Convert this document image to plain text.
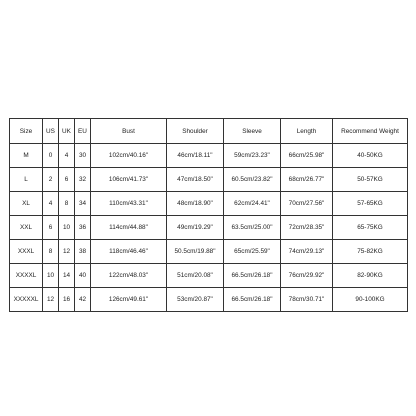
Size	US	UK	EU	Bust	Shoulder	Sleeve	Length	Recommend Weight
M	0	4	30	102cm/40.16"	46cm/18.11"	59cm/23.23"	66cm/25.98"	40-50KG
L	2	6	32	106cm/41.73"	47cm/18.50"	60.5cm/23.82"	68cm/26.77"	50-57KG
XL	4	8	34	110cm/43.31"	48cm/18.90"	62cm/24.41"	70cm/27.56"	57-65KG
XXL	6	10	36	114cm/44.88"	49cm/19.29"	63.5cm/25.00"	72cm/28.35"	65-75KG
XXXL	8	12	38	118cm/46.46"	50.5cm/19.88"	65cm/25.59"	74cm/29.13"	75-82KG
XXXXL	10	14	40	122cm/48.03"	51cm/20.08"	66.5cm/26.18"	76cm/29.92"	82-90KG
XXXXXL	12	16	42	126cm/49.61"	53cm/20.87"	66.5cm/26.18"	78cm/30.71"	90-100KG
